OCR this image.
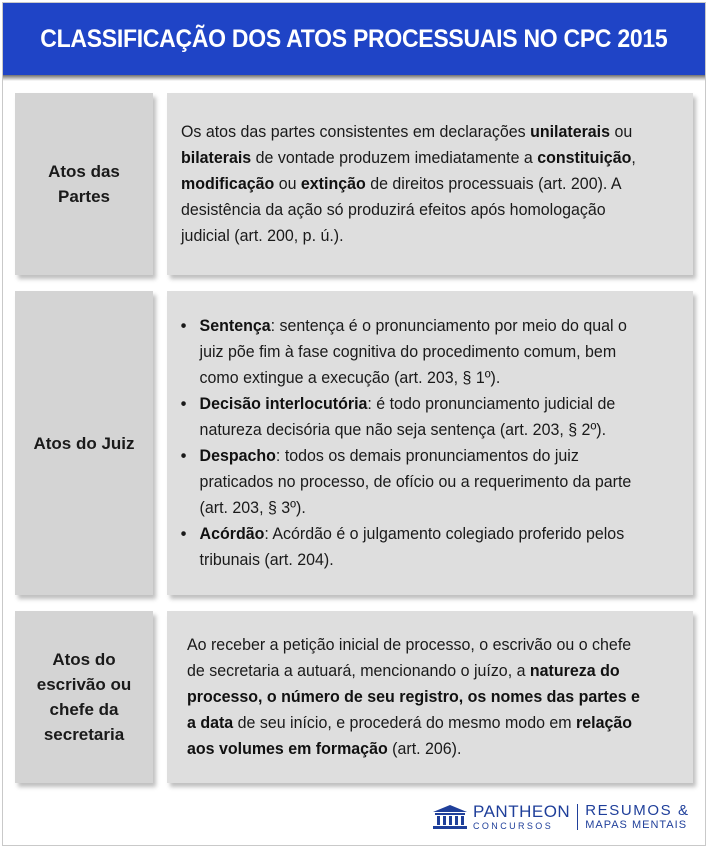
CLASSIFICAÇÃO DOS ATOS PROCESSUAIS NO CPC 2015
Atos das Partes
Os atos das partes consistentes em declarações unilaterais ou bilaterais de vontade produzem imediatamente a constituição, modificação ou extinção de direitos processuais (art. 200). A desistência da ação só produzirá efeitos após homologação judicial (art. 200, p. ú.).
Atos do Juiz
• Sentença: sentença é o pronunciamento por meio do qual o juiz põe fim à fase cognitiva do procedimento comum, bem como extingue a execução (art. 203, § 1º).
• Decisão interlocutória: é todo pronunciamento judicial de natureza decisória que não seja sentença (art. 203, § 2º).
• Despacho: todos os demais pronunciamentos do juiz praticados no processo, de ofício ou a requerimento da parte (art. 203, § 3º).
• Acórdão: Acórdão é o julgamento colegiado proferido pelos tribunais (art. 204).
Atos do escrivão ou chefe da secretaria
Ao receber a petição inicial de processo, o escrivão ou o chefe de secretaria a autuará, mencionando o juízo, a natureza do processo, o número de seu registro, os nomes das partes e a data de seu início, e procederá do mesmo modo em relação aos volumes em formação (art. 206).
PANTHEON
CONCURSOS
RESUMOS &
MAPAS MENTAIS
